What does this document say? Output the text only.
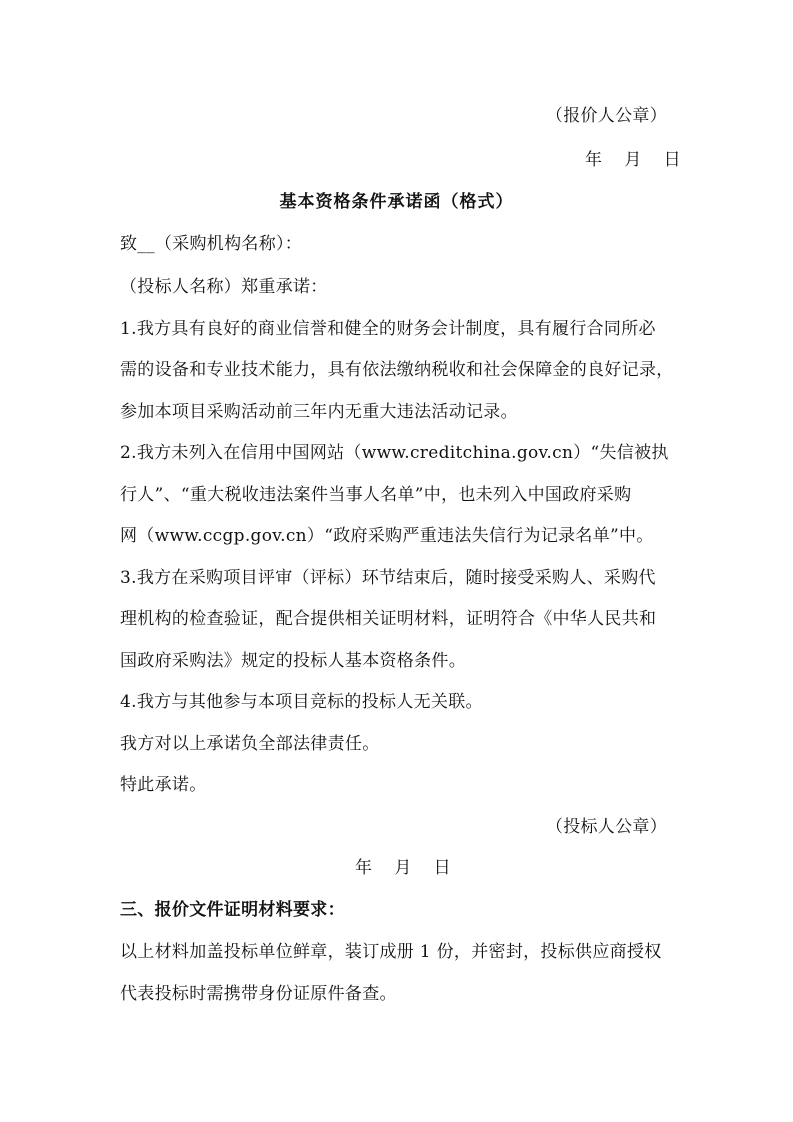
（报价人公章）
年 月 日
基本资格条件承诺函（格式）
致__（采购机构名称）：
（投标人名称）郑重承诺：
1.我方具有良好的商业信誉和健全的财务会计制度，具有履行合同所必
需的设备和专业技术能力，具有依法缴纳税收和社会保障金的良好记录，
参加本项目采购活动前三年内无重大违法活动记录。
2.我方未列入在信用中国网站（www.creditchina.gov.cn）“失信被执
行人”、“重大税收违法案件当事人名单”中，也未列入中国政府采购
网（www.ccgp.gov.cn）“政府采购严重违法失信行为记录名单”中。
3.我方在采购项目评审（评标）环节结束后，随时接受采购人、采购代
理机构的检查验证，配合提供相关证明材料，证明符合《中华人民共和
国政府采购法》规定的投标人基本资格条件。
4.我方与其他参与本项目竞标的投标人无关联。
我方对以上承诺负全部法律责任。
特此承诺。
（投标人公章）
年 月 日
三、报价文件证明材料要求：
以上材料加盖投标单位鲜章，装订成册 1 份，并密封，投标供应商授权
代表投标时需携带身份证原件备查。
